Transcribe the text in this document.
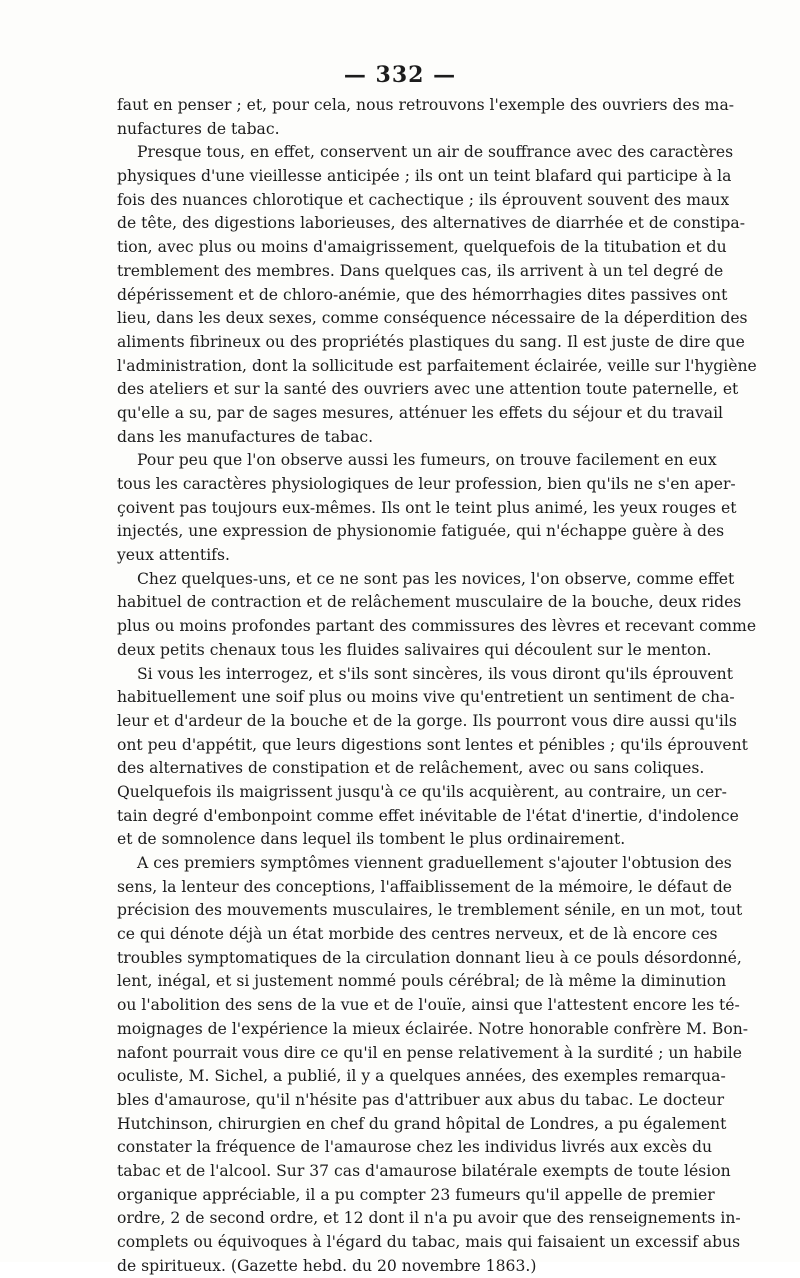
— 332 —
faut en penser ; et, pour cela, nous retrouvons l'exemple des ouvriers des ma-
nufactures de tabac.
Presque tous, en effet, conservent un air de souffrance avec des caractères
physiques d'une vieillesse anticipée ; ils ont un teint blafard qui participe à la
fois des nuances chlorotique et cachectique ; ils éprouvent souvent des maux
de tête, des digestions laborieuses, des alternatives de diarrhée et de constipa-
tion, avec plus ou moins d'amaigrissement, quelquefois de la titubation et du
tremblement des membres. Dans quelques cas, ils arrivent à un tel degré de
dépérissement et de chloro-anémie, que des hémorrhagies dites passives ont
lieu, dans les deux sexes, comme conséquence nécessaire de la déperdition des
aliments fibrineux ou des propriétés plastiques du sang. Il est juste de dire que
l'administration, dont la sollicitude est parfaitement éclairée, veille sur l'hygiène
des ateliers et sur la santé des ouvriers avec une attention toute paternelle, et
qu'elle a su, par de sages mesures, atténuer les effets du séjour et du travail
dans les manufactures de tabac.
Pour peu que l'on observe aussi les fumeurs, on trouve facilement en eux
tous les caractères physiologiques de leur profession, bien qu'ils ne s'en aper-
çoivent pas toujours eux-mêmes. Ils ont le teint plus animé, les yeux rouges et
injectés, une expression de physionomie fatiguée, qui n'échappe guère à des
yeux attentifs.
Chez quelques-uns, et ce ne sont pas les novices, l'on observe, comme effet
habituel de contraction et de relâchement musculaire de la bouche, deux rides
plus ou moins profondes partant des commissures des lèvres et recevant comme
deux petits chenaux tous les fluides salivaires qui découlent sur le menton.
Si vous les interrogez, et s'ils sont sincères, ils vous diront qu'ils éprouvent
habituellement une soif plus ou moins vive qu'entretient un sentiment de cha-
leur et d'ardeur de la bouche et de la gorge. Ils pourront vous dire aussi qu'ils
ont peu d'appétit, que leurs digestions sont lentes et pénibles ; qu'ils éprouvent
des alternatives de constipation et de relâchement, avec ou sans coliques.
Quelquefois ils maigrissent jusqu'à ce qu'ils acquièrent, au contraire, un cer-
tain degré d'embonpoint comme effet inévitable de l'état d'inertie, d'indolence
et de somnolence dans lequel ils tombent le plus ordinairement.
A ces premiers symptômes viennent graduellement s'ajouter l'obtusion des
sens, la lenteur des conceptions, l'affaiblissement de la mémoire, le défaut de
précision des mouvements musculaires, le tremblement sénile, en un mot, tout
ce qui dénote déjà un état morbide des centres nerveux, et de là encore ces
troubles symptomatiques de la circulation donnant lieu à ce pouls désordonné,
lent, inégal, et si justement nommé pouls cérébral; de là même la diminution
ou l'abolition des sens de la vue et de l'ouïe, ainsi que l'attestent encore les té-
moignages de l'expérience la mieux éclairée. Notre honorable confrère M. Bon-
nafont pourrait vous dire ce qu'il en pense relativement à la surdité ; un habile
oculiste, M. Sichel, a publié, il y a quelques années, des exemples remarqua-
bles d'amaurose, qu'il n'hésite pas d'attribuer aux abus du tabac. Le docteur
Hutchinson, chirurgien en chef du grand hôpital de Londres, a pu également
constater la fréquence de l'amaurose chez les individus livrés aux excès du
tabac et de l'alcool. Sur 37 cas d'amaurose bilatérale exempts de toute lésion
organique appréciable, il a pu compter 23 fumeurs qu'il appelle de premier
ordre, 2 de second ordre, et 12 dont il n'a pu avoir que des renseignements in-
complets ou équivoques à l'égard du tabac, mais qui faisaient un excessif abus
de spiritueux. (Gazette hebd. du 20 novembre 1863.)
